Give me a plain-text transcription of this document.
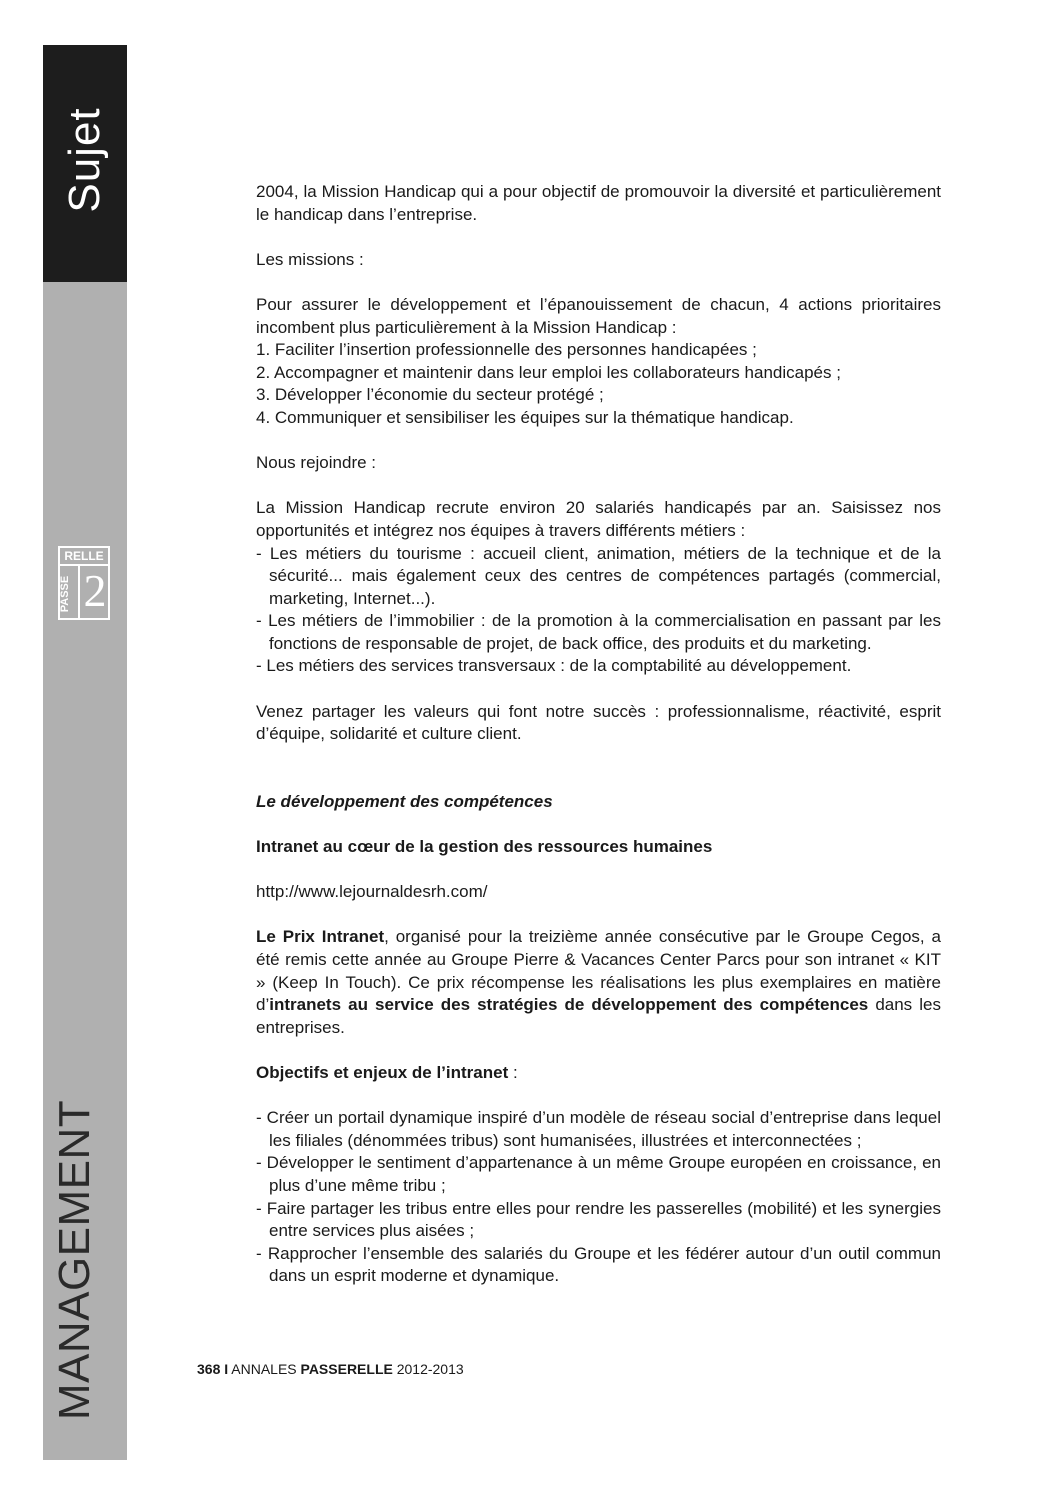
Sujet
RELLE
PASSE 2
MANAGEMENT

2004, la Mission Handicap qui a pour objectif de promouvoir la diversité et particulièrement le handicap dans l’entreprise.

Les missions :

Pour assurer le développement et l’épanouissement de chacun, 4 actions prioritaires incombent plus particulièrement à la Mission Handicap :

1. Faciliter l’insertion professionnelle des personnes handicapées ;
2. Accompagner et maintenir dans leur emploi les collaborateurs handicapés ;
3. Développer l’économie du secteur protégé ;
4. Communiquer et sensibiliser les équipes sur la thématique handicap.

Nous rejoindre :

La Mission Handicap recrute environ 20 salariés handicapés par an. Saisissez nos opportunités et intégrez nos équipes à travers différents métiers :

- Les métiers du tourisme : accueil client, animation, métiers de la technique et de la sécurité... mais également ceux des centres de compétences partagés (commercial, marketing, Internet...).
- Les métiers de l’immobilier : de la promotion à la commercialisation en passant par les fonctions de responsable de projet, de back office, des produits et du marketing.
- Les métiers des services transversaux : de la comptabilité au développement.

Venez partager les valeurs qui font notre succès : professionnalisme, réactivité, esprit d’équipe, solidarité et culture client.

Le développement des compétences

Intranet au cœur de la gestion des ressources humaines

http://www.lejournaldesrh.com/

Le Prix Intranet, organisé pour la treizième année consécutive par le Groupe Cegos, a été remis cette année au Groupe Pierre & Vacances Center Parcs pour son intranet « KIT » (Keep In Touch). Ce prix récompense les réalisations les plus exemplaires en matière d’intranets au service des stratégies de développement des compétences dans les entreprises.

Objectifs et enjeux de l’intranet :

- Créer un portail dynamique inspiré d’un modèle de réseau social d’entreprise dans lequel les filiales (dénommées tribus) sont humanisées, illustrées et interconnectées ;
- Développer le sentiment d’appartenance à un même Groupe européen en croissance, en plus d’une même tribu ;
- Faire partager les tribus entre elles pour rendre les passerelles (mobilité) et les synergies entre services plus aisées ;
- Rapprocher l’ensemble des salariés du Groupe et les fédérer autour d’un outil commun dans un esprit moderne et dynamique.
368 I ANNALES PASSERELLE 2012-2013
